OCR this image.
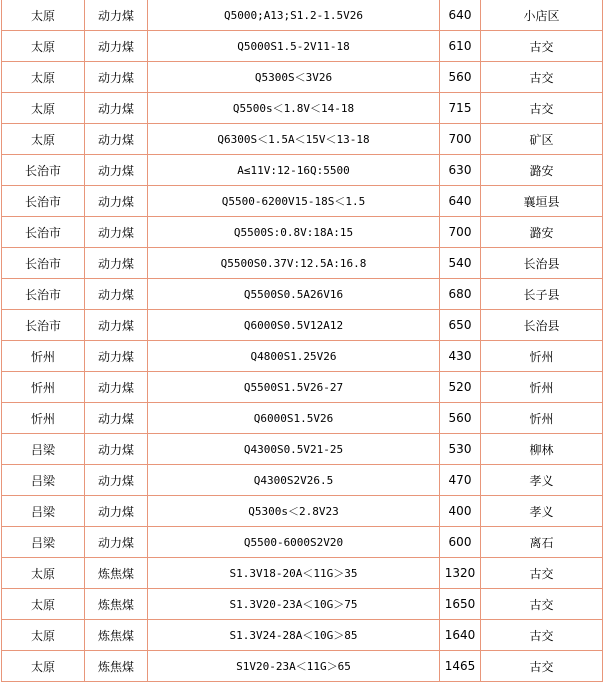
太原	动力煤	Q5000;A13;S1.2-1.5V26	640	小店区
太原	动力煤	Q5000S1.5-2V11-18	610	古交
太原	动力煤	Q5300S＜3V26	560	古交
太原	动力煤	Q5500s＜1.8V＜14-18	715	古交
太原	动力煤	Q6300S＜1.5A＜15V＜13-18	700	矿区
长治市	动力煤	A≤11V:12-16Q:5500	630	潞安
长治市	动力煤	Q5500-6200V15-18S＜1.5	640	襄垣县
长治市	动力煤	Q5500S:0.8V:18A:15	700	潞安
长治市	动力煤	Q5500S0.37V:12.5A:16.8	540	长治县
长治市	动力煤	Q5500S0.5A26V16	680	长子县
长治市	动力煤	Q6000S0.5V12A12	650	长治县
忻州	动力煤	Q4800S1.25V26	430	忻州
忻州	动力煤	Q5500S1.5V26-27	520	忻州
忻州	动力煤	Q6000S1.5V26	560	忻州
吕梁	动力煤	Q4300S0.5V21-25	530	柳林
吕梁	动力煤	Q4300S2V26.5	470	孝义
吕梁	动力煤	Q5300s＜2.8V23	400	孝义
吕梁	动力煤	Q5500-6000S2V20	600	离石
太原	炼焦煤	S1.3V18-20A＜11G＞35	1320	古交
太原	炼焦煤	S1.3V20-23A＜10G＞75	1650	古交
太原	炼焦煤	S1.3V24-28A＜10G＞85	1640	古交
太原	炼焦煤	S1V20-23A＜11G＞65	1465	古交
